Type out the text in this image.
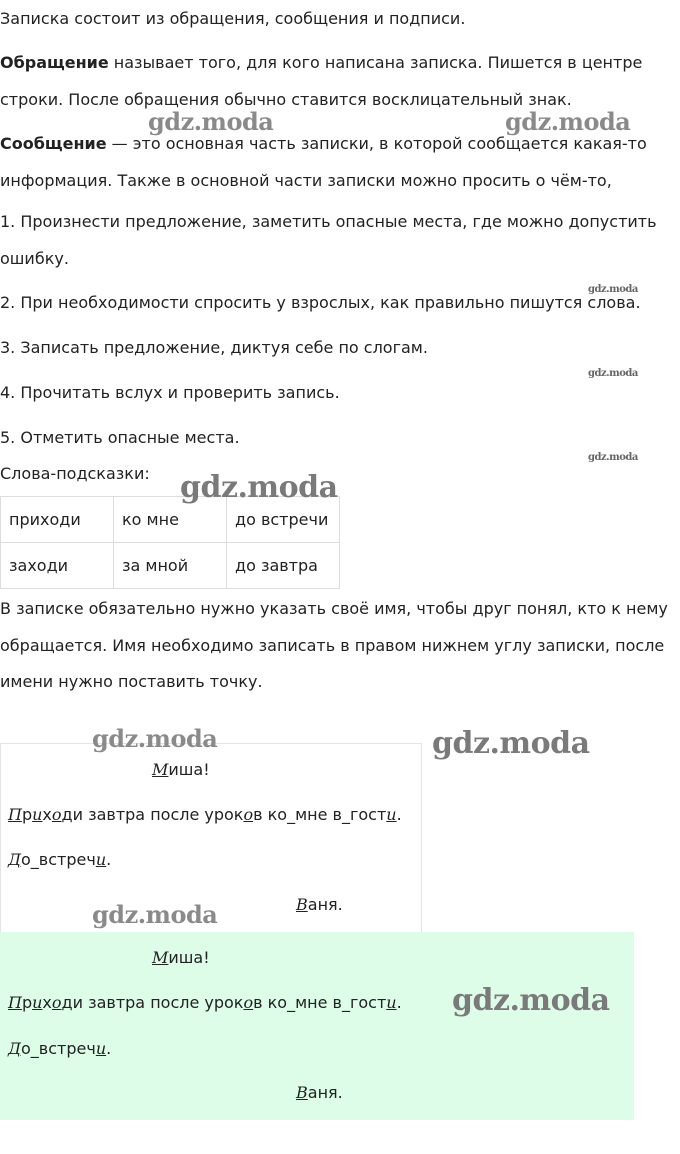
Записка состоит из обращения, сообщения и подписи.

Обращение называет того, для кого написана записка. Пишется в центре

строки. После обращения обычно ставится восклицательный знак.

Сообщение — это основная часть записки, в которой сообщается какая-то

информация. Также в основной части записки можно просить о чём-то,

1. Произнести предложение, заметить опасные места, где можно допустить

ошибку.

2. При необходимости спросить у взрослых, как правильно пишутся слова.

3. Записать предложение, диктуя себе по слогам.

4. Прочитать вслух и проверить запись.

5. Отметить опасные места.

Слова-подсказки:

приходи	ко мне	до встречи
заходи	за мной	до завтра

В записке обязательно нужно указать своё имя, чтобы друг понял, кто к нему

обращается. Имя необходимо записать в правом нижнем углу записки, после

имени нужно поставить точку.

Миша!
Приходи завтра после уроков ко_мне в_гости.
До_встречи.
Ваня.
Миша!
Приходи завтра после уроков ко_мне в_гости.
До_встречи.
Ваня.
gdz.moda	gdz.moda
gdz.moda
gdz.moda
gdz.moda
gdz.moda
gdz.moda	gdz.moda
gdz.moda
gdz.moda
